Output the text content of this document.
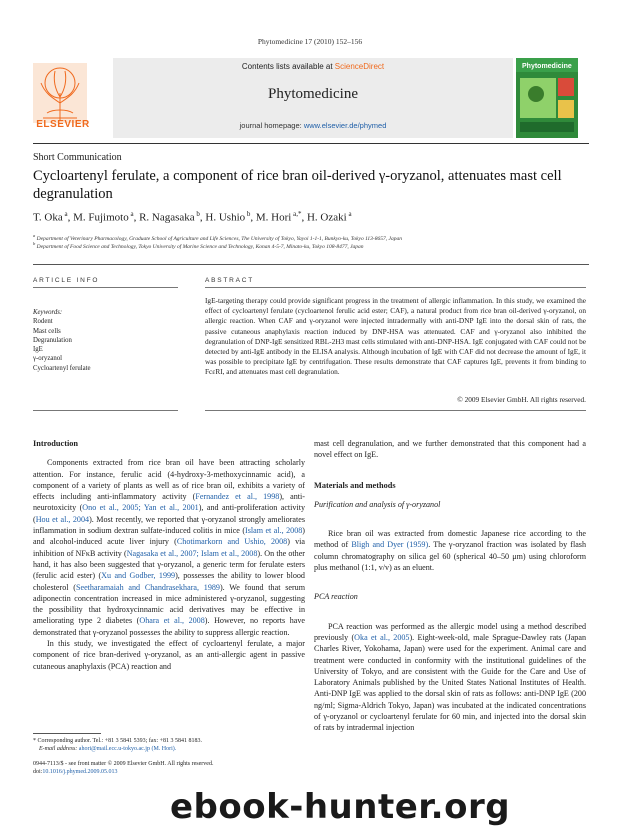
Phytomedicine 17 (2010) 152–156
ELSEVIER
Contents lists available at ScienceDirect
Phytomedicine
journal homepage: www.elsevier.de/phymed
Phytomedicine
Short Communication
Cycloartenyl ferulate, a component of rice bran oil-derived γ-oryzanol, attenuates mast cell degranulation
T. Oka $^a$, M. Fujimoto $^a$, R. Nagasaka $^b$, H. Ushio $^b$, M. Hori $^{a,*}$, H. Ozaki $^a$
$^a$ Department of Veterinary Pharmacology, Graduate School of Agriculture and Life Sciences, The University of Tokyo, Yayoi 1-1-1, Bunkyo-ku, Tokyo 113-8657, Japan
$^b$ Department of Food Science and Technology, Tokyo University of Marine Science and Technology, Konan 4-5-7, Minato-ku, Tokyo 108-8477, Japan
ARTICLE INFO	ABSTRACT
Keywords:
Rodent
Mast cells
Degranulation
IgE
γ-oryzanol
Cycloartenyl ferulate
IgE-targeting therapy could provide significant progress in the treatment of allergic inflammation. In this study, we examined the effect of cycloartenyl ferulate (cycloartenol ferulic acid ester; CAF), a natural product from rice bran oil-derived γ-oryzanol, on allergic reaction. When CAF and γ-oryzanol were injected intradermally with anti-DNP IgE into the dorsal skin of rats, the passive cutaneous anaphylaxis reaction induced by DNP-HSA was attenuated. CAF and γ-oryzanol also inhibited the degranulation of DNP-IgE sensitized RBL-2H3 mast cells stimulated with anti-DNP-HSA. IgE conjugated with CAF could not be detected by anti-IgE antibody in the ELISA analysis. Although incubation of IgE with CAF did not decrease the amount of IgE, it was possible to precipitate IgE by centrifugation. These results demonstrate that CAF captures IgE, prevents it from binding to FcεRI, and attenuates mast cell degranulation.
© 2009 Elsevier GmbH. All rights reserved.
Introduction

Components extracted from rice bran oil have been attracting scholarly attention. For instance, ferulic acid (4-hydroxy-3-methoxycinnamic acid), a component of a variety of plants as well as of rice bran oil, exhibits a variety of effects including anti-inflammatory activity (Fernandez et al., 1998), anti-neurotoxicity (Ono et al., 2005; Yan et al., 2001), and anti-proliferation activity (Hou et al., 2004). Most recently, we reported that γ-oryzanol strongly ameliorates inflammation in sodium dextran sulfate-induced colitis in mice (Islam et al., 2008) and alcohol-induced acute liver injury (Chotimarkorn and Ushio, 2008) via inhibition of NFκB activity (Nagasaka et al., 2007; Islam et al., 2008). On the other hand, it has also been suggested that γ-oryzanol, a generic term for ferulate esters (ferulic acid ester) (Xu and Godber, 1999), possesses the ability to lower blood cholesterol (Seetharamaiah and Chandrasekhara, 1989). We found that serum adiponectin concentration increased in mice administered γ-oryzanol, suggesting the possibility that hydroxycinnamic acid derivatives may be effective in ameliorating type 2 diabetes (Ohara et al., 2008). However, no reports have demonstrated that γ-oryzanol possesses the ability to suppress allergic reaction.

In this study, we investigated the effect of cycloartenyl ferulate, a major component of rice bran-derived γ-oryzanol, as an anti-allergic agent in passive cutaneous anaphylaxis (PCA) reaction and

mast cell degranulation, and we further demonstrated that this component had a novel effect on IgE.

Materials and methods
Purification and analysis of γ-oryzanol

Rice bran oil was extracted from domestic Japanese rice according to the method of Bligh and Dyer (1959). The γ-oryzanol fraction was isolated by flash column chromatography on silica gel 60 (spherical 40–50 μm) using chloroform plus methanol (1:1, v/v) as an eluent.

PCA reaction

PCA reaction was performed as the allergic model using a method described previously (Oka et al., 2005). Eight-week-old, male Sprague-Dawley rats (Japan Charles River, Yokohama, Japan) were used for the experiment. Animal care and treatment were conducted in conformity with the institutional guidelines of the University of Tokyo, and are consistent with the Guide for the Care and Use of Laboratory Animals published by the United States National Institutes of Health. Anti-DNP IgE was applied to the dorsal skin of rats as follows: anti-DNP IgE (200 ng/ml; Sigma-Aldrich Tokyo, Japan) was incubated at the indicated concentrations of γ-oryzanol or cycloartenyl ferulate for 60 min, and injected into the dorsal skin of rats by intradermal injection

* Corresponding author. Tel.: +81 3 5841 5393; fax: +81 3 5841 8183.
E-mail address: ahori@mail.ecc.u-tokyo.ac.jp (M. Hori).
0944-7113/$ - see front matter © 2009 Elsevier GmbH. All rights reserved.
doi:10.1016/j.phymed.2009.05.013
ebook-hunter.org
